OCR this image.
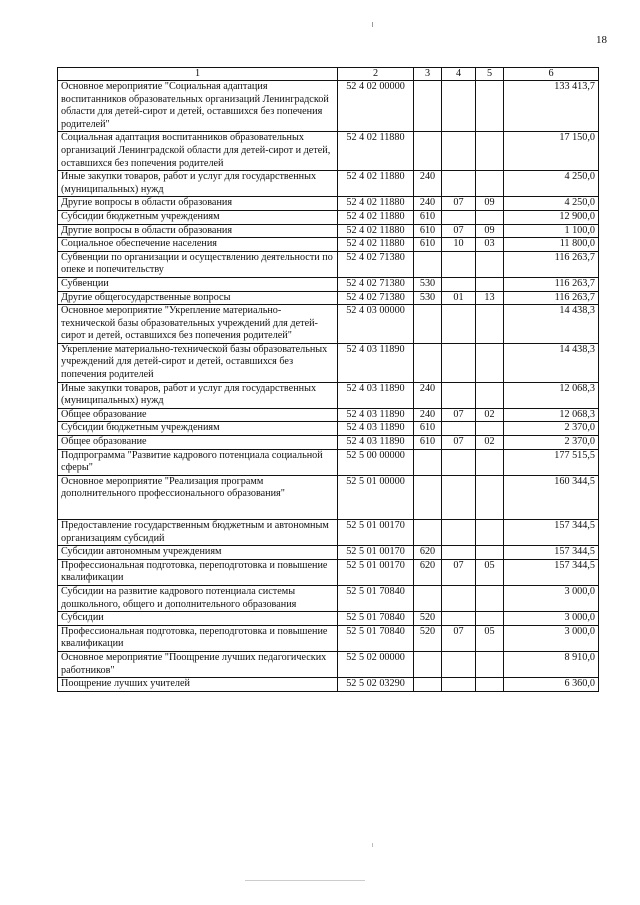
18
1	2	3	4	5	6
Основное мероприятие "Социальная адаптация воспитанников образовательных организаций Ленинградской области для детей-сирот и детей, оставшихся без попечения родителей"	52 4 02 00000				133 413,7
Социальная адаптация воспитанников образовательных организаций Ленинградской области для детей-сирот и детей, оставшихся без попечения родителей	52 4 02 11880				17 150,0
Иные закупки товаров, работ и услуг для государственных (муниципальных) нужд	52 4 02 11880	240			4 250,0
Другие вопросы в области образования	52 4 02 11880	240	07	09	4 250,0
Субсидии бюджетным учреждениям	52 4 02 11880	610			12 900,0
Другие вопросы в области образования	52 4 02 11880	610	07	09	1 100,0
Социальное обеспечение населения	52 4 02 11880	610	10	03	11 800,0
Субвенции по организации и осуществлению деятельности по опеке и попечительству	52 4 02 71380				116 263,7
Субвенции	52 4 02 71380	530			116 263,7
Другие общегосударственные вопросы	52 4 02 71380	530	01	13	116 263,7
Основное мероприятие "Укрепление материально-технической базы образовательных учреждений для детей-сирот и детей, оставшихся без попечения родителей"	52 4 03 00000				14 438,3
Укрепление материально-технической базы образовательных учреждений для детей-сирот и детей, оставшихся без попечения родителей	52 4 03 11890				14 438,3
Иные закупки товаров, работ и услуг для государственных (муниципальных) нужд	52 4 03 11890	240			12 068,3
Общее образование	52 4 03 11890	240	07	02	12 068,3
Субсидии бюджетным учреждениям	52 4 03 11890	610			2 370,0
Общее образование	52 4 03 11890	610	07	02	2 370,0
Подпрограмма "Развитие кадрового потенциала социальной сферы"	52 5 00 00000				177 515,5
Основное мероприятие "Реализация программ дополнительного профессионального образования"	52 5 01 00000				160 344,5
Предоставление государственным бюджетным и автономным организациям субсидий	52 5 01 00170				157 344,5
Субсидии автономным учреждениям	52 5 01 00170	620			157 344,5
Профессиональная подготовка, переподготовка и повышение квалификации	52 5 01 00170	620	07	05	157 344,5
Субсидии на развитие кадрового потенциала системы дошкольного, общего и дополнительного образования	52 5 01 70840				3 000,0
Субсидии	52 5 01 70840	520			3 000,0
Профессиональная подготовка, переподготовка и повышение квалификации	52 5 01 70840	520	07	05	3 000,0
Основное мероприятие "Поощрение лучших педагогических работников"	52 5 02 00000				8 910,0
Поощрение лучших учителей	52 5 02 03290				6 360,0
